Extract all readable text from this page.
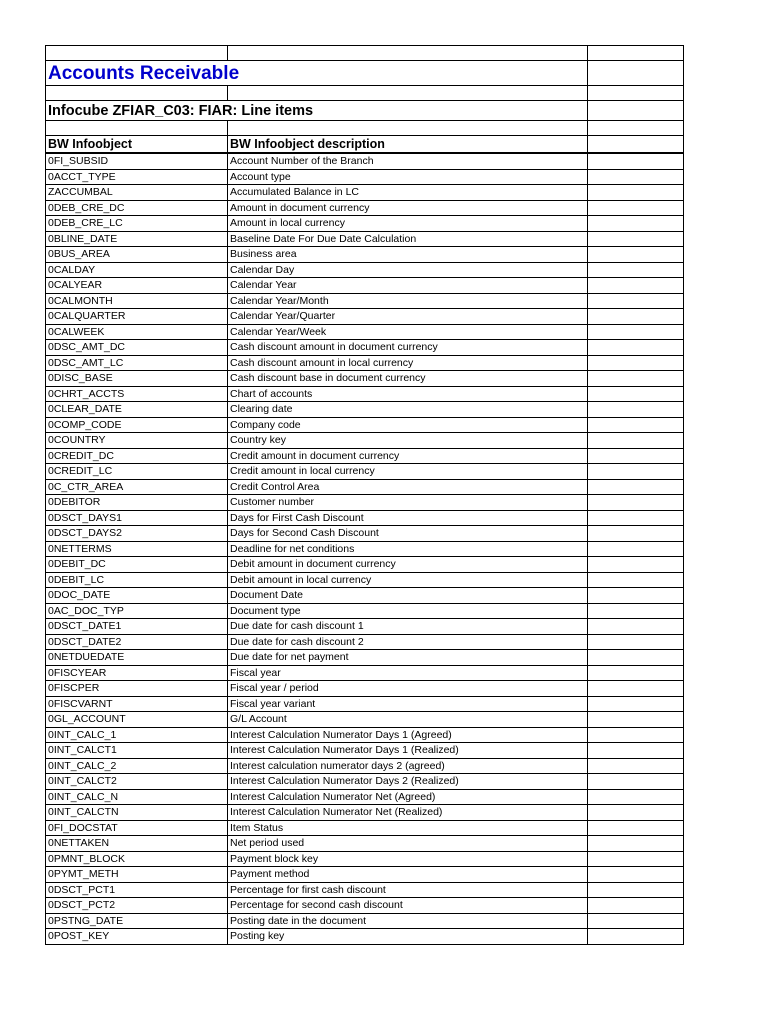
Accounts Receivable		

Infocube ZFIAR_C03: FIAR: Line items		

BW Infoobject	BW Infoobject description	
0FI_SUBSID	Account Number of the Branch	
0ACCT_TYPE	Account type	
ZACCUMBAL	Accumulated Balance in LC	
0DEB_CRE_DC	Amount in document currency	
0DEB_CRE_LC	Amount in local currency	
0BLINE_DATE	Baseline Date For Due Date Calculation	
0BUS_AREA	Business area	
0CALDAY	Calendar Day	
0CALYEAR	Calendar Year	
0CALMONTH	Calendar Year/Month	
0CALQUARTER	Calendar Year/Quarter	
0CALWEEK	Calendar Year/Week	
0DSC_AMT_DC	Cash discount amount in document currency	
0DSC_AMT_LC	Cash discount amount in local currency	
0DISC_BASE	Cash discount base in document currency	
0CHRT_ACCTS	Chart of accounts	
0CLEAR_DATE	Clearing date	
0COMP_CODE	Company code	
0COUNTRY	Country key	
0CREDIT_DC	Credit amount in document currency	
0CREDIT_LC	Credit amount in local currency	
0C_CTR_AREA	Credit Control Area	
0DEBITOR	Customer number	
0DSCT_DAYS1	Days for First Cash Discount	
0DSCT_DAYS2	Days for Second Cash Discount	
0NETTERMS	Deadline for net conditions	
0DEBIT_DC	Debit amount in document currency	
0DEBIT_LC	Debit amount in local currency	
0DOC_DATE	Document Date	
0AC_DOC_TYP	Document type	
0DSCT_DATE1	Due date for cash discount 1	
0DSCT_DATE2	Due date for cash discount 2	
0NETDUEDATE	Due date for net payment	
0FISCYEAR	Fiscal year	
0FISCPER	Fiscal year / period	
0FISCVARNT	Fiscal year variant	
0GL_ACCOUNT	G/L Account	
0INT_CALC_1	Interest Calculation Numerator Days 1 (Agreed)	
0INT_CALCT1	Interest Calculation Numerator Days 1 (Realized)	
0INT_CALC_2	Interest calculation numerator days 2 (agreed)	
0INT_CALCT2	Interest Calculation Numerator Days 2 (Realized)	
0INT_CALC_N	Interest Calculation Numerator Net (Agreed)	
0INT_CALCTN	Interest Calculation Numerator Net (Realized)	
0FI_DOCSTAT	Item Status	
0NETTAKEN	Net period used	
0PMNT_BLOCK	Payment block key	
0PYMT_METH	Payment method	
0DSCT_PCT1	Percentage for first cash discount	
0DSCT_PCT2	Percentage for second cash discount	
0PSTNG_DATE	Posting date in the document	
0POST_KEY	Posting key	
